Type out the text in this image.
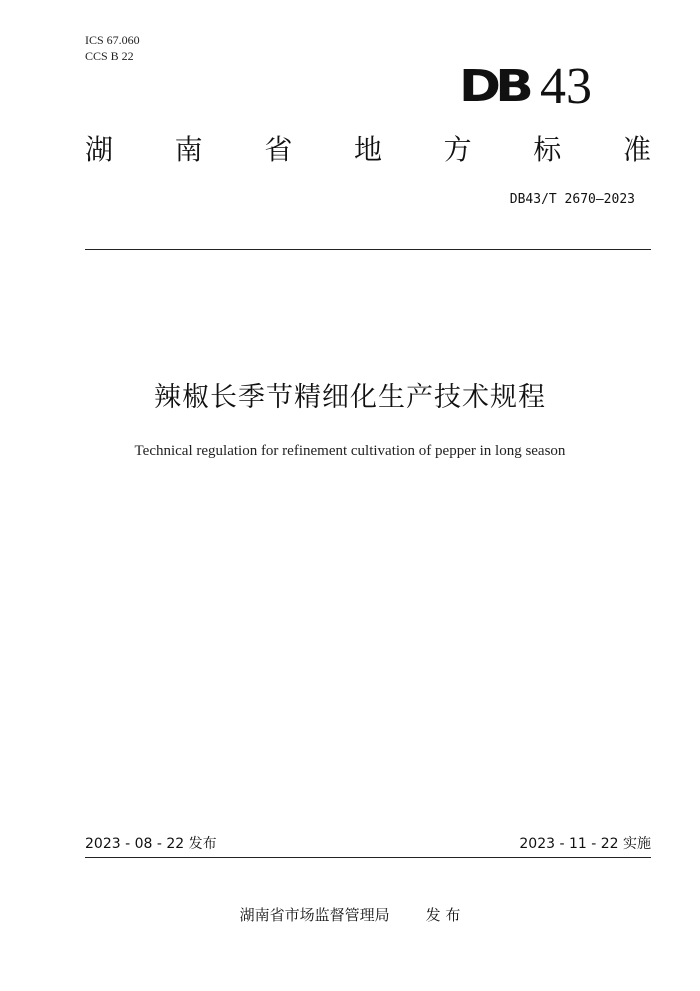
ICS 67.060
CCS B 22
DB 43
湖 南 省 地 方 标 准
DB43/T 2670—2023
辣椒长季节精细化生产技术规程
Technical regulation for refinement cultivation of pepper in long season
2023 - 08 - 22 发布	2023 - 11 - 22 实施
湖南省市场监督管理局 发 布
